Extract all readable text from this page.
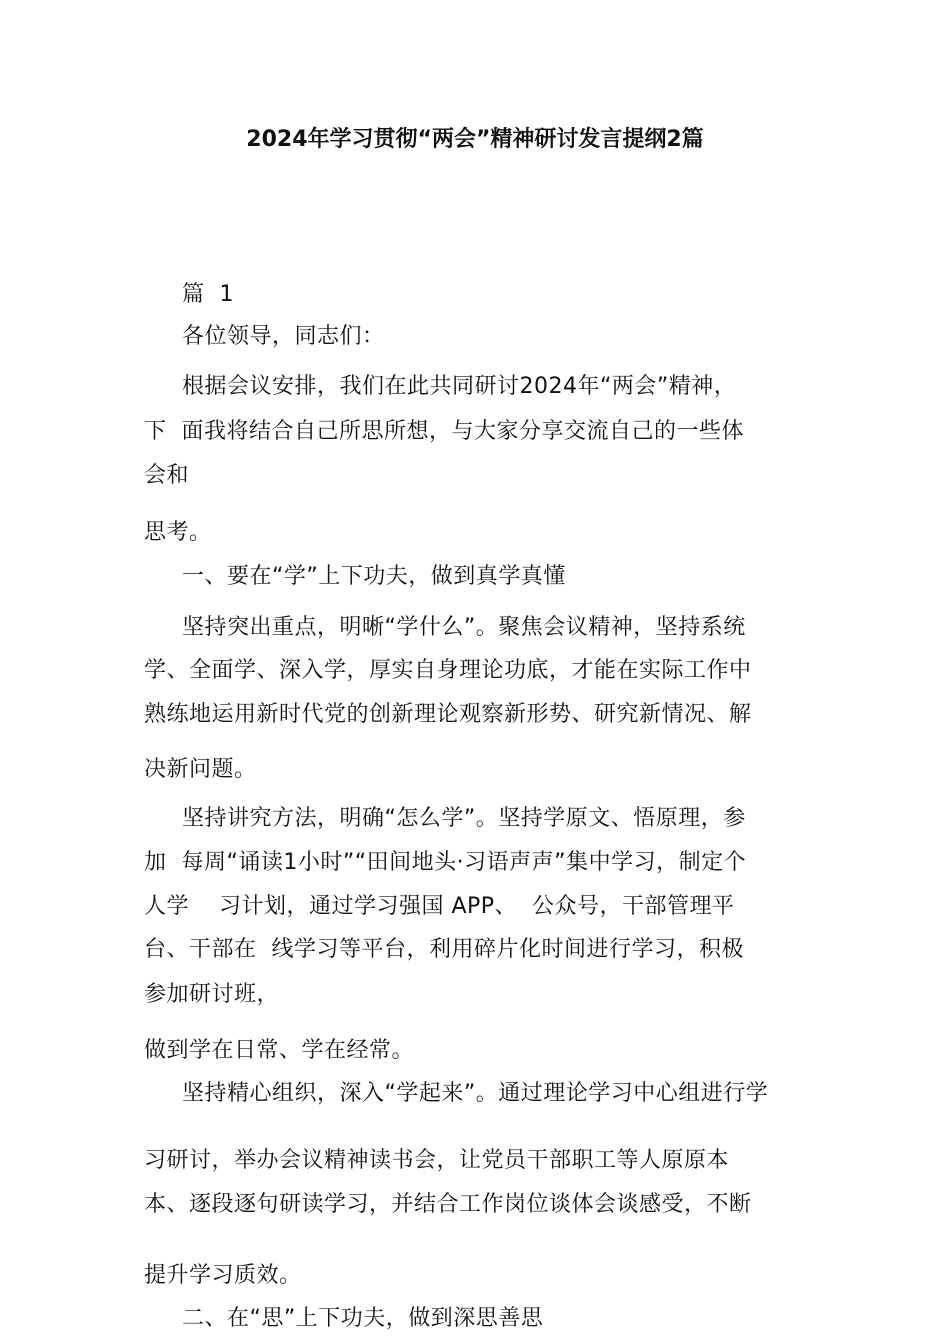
2024年学习贯彻“两会”精神研讨发言提纲2篇
篇  1
各位领导，同志们：
根据会议安排，我们在此共同研讨2024年“两会”精神，
下  面我将结合自己所思所想，与大家分享交流自己的一些体
会和
思考。
一、要在“学”上下功夫，做到真学真懂
坚持突出重点，明晰“学什么”。聚焦会议精神，坚持系统
学、全面学、深入学，厚实自身理论功底，才能在实际工作中
熟练地运用新时代党的创新理论观察新形势、研究新情况、解
决新问题。
坚持讲究方法，明确“怎么学”。坚持学原文、悟原理，参
加  每周“诵读1小时”“田间地头·习语声声”集中学习，制定个
人学    习计划，通过学习强国 APP、  公众号，干部管理平
台、干部在  线学习等平台，利用碎片化时间进行学习，积极
参加研讨班，
做到学在日常、学在经常。
坚持精心组织，深入“学起来”。通过理论学习中心组进行学
习研讨，举办会议精神读书会，让党员干部职工等人原原本
本、逐段逐句研读学习，并结合工作岗位谈体会谈感受，不断
提升学习质效。
二、在“思”上下功夫，做到深思善思
